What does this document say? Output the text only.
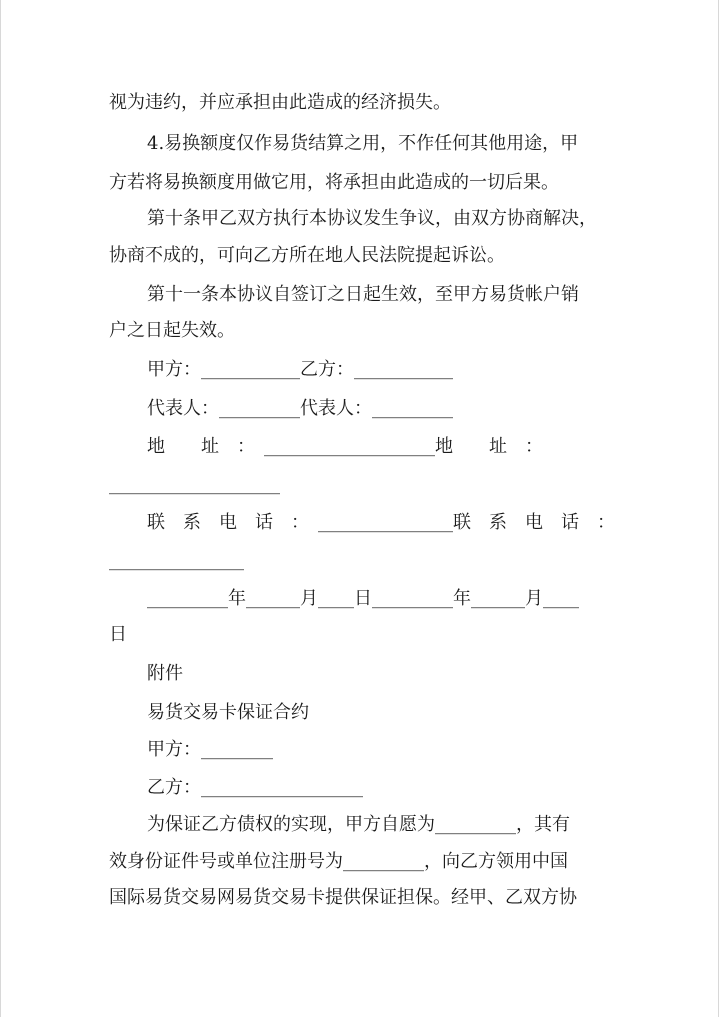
视为违约，并应承担由此造成的经济损失。
4.易换额度仅作易货结算之用，不作任何其他用途，甲
方若将易换额度用做它用，将承担由此造成的一切后果。
第十条甲乙双方执行本协议发生争议，由双方协商解决，
协商不成的，可向乙方所在地人民法院提起诉讼。
第十一条本协议自签订之日起生效，至甲方易货帐户销
户之日起失效。
甲方：___________乙方：___________
代表人：_________代表人：_________
地　　址　：　___________________地　　址　：
___________________
联　系　电　话　：　_______________联　系　电　话　：
_______________
_________年______月____日_________年______月____
日
附件
易货交易卡保证合约
甲方：________
乙方：__________________
为保证乙方债权的实现，甲方自愿为_________，其有
效身份证件号或单位注册号为_________，向乙方领用中国
国际易货交易网易货交易卡提供保证担保。经甲、乙双方协
